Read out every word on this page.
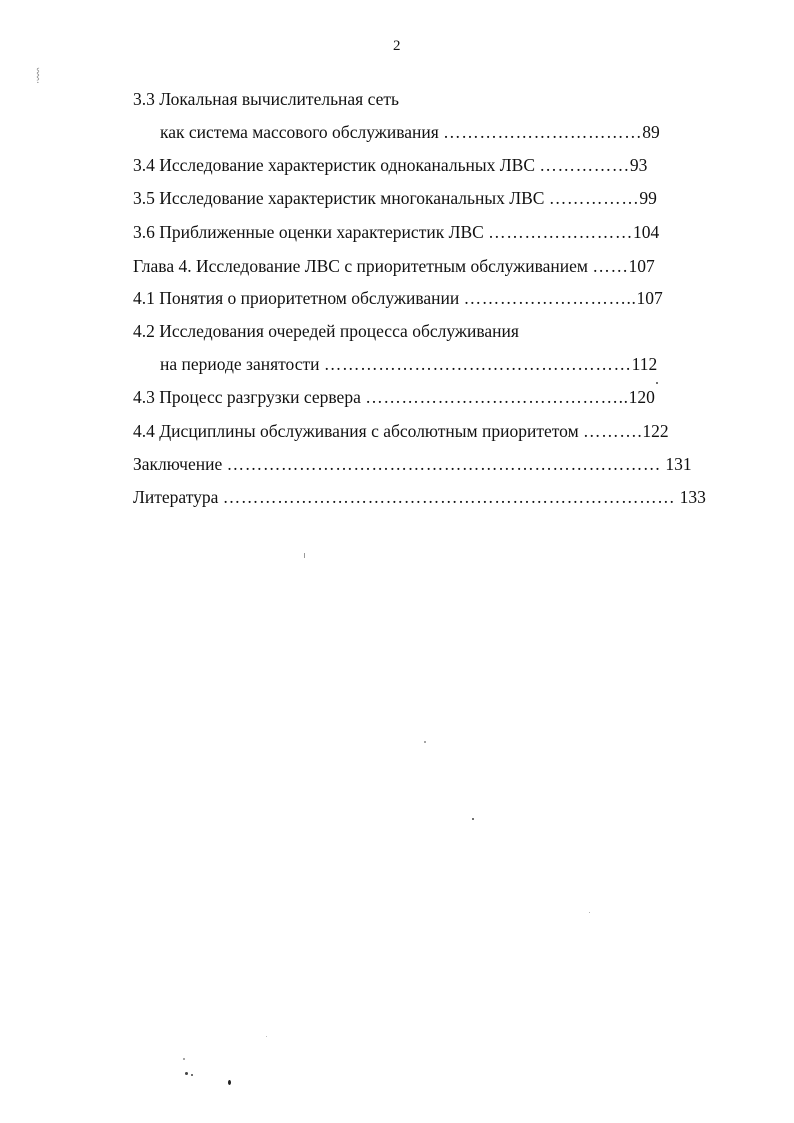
2
⸾
·
3.3 Локальная вычислительная сеть
как система массового обслуживания ……………………………89
3.4 Исследование характеристик одноканальных ЛВС ……………93
3.5 Исследование характеристик многоканальных ЛВС ……………99
3.6 Приближенные оценки характеристик ЛВС ……………………104
Глава 4. Исследование ЛВС с приоритетным обслуживанием ……107
4.1 Понятия о приоритетном обслуживании ………………………..107
4.2 Исследования очередей процесса обслуживания
на периоде занятости ……………………………………………112
4.3 Процесс разгрузки сервера ……………………………………..120
4.4 Дисциплины обслуживания с абсолютным приоритетом ……….122
Заключение ……………………………………………………………… 131
Литература ………………………………………………………………… 133
